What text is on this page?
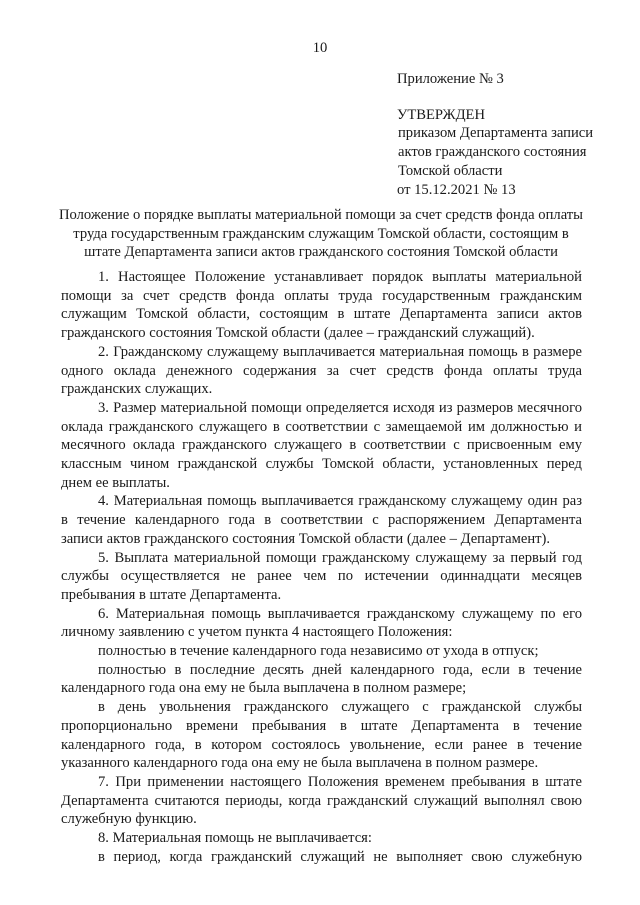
10

Приложение № 3

УТВЕРЖДЕН

приказом Департамента записи

актов гражданского состояния

Томской области

от 15.12.2021 № 13

Положение о порядке выплаты материальной помощи за счет средств фонда оплаты труда государственным гражданским служащим Томской области, состоящим в штате Департамента записи актов гражданского состояния Томской области

1. Настоящее Положение устанавливает порядок выплаты материальной помощи за счет средств фонда оплаты труда государственным гражданским служащим Томской области, состоящим в штате Департамента записи актов гражданского состояния Томской области (далее – гражданский служащий).

2. Гражданскому служащему выплачивается материальная помощь в размере одного оклада денежного содержания за счет средств фонда оплаты труда гражданских служащих.

3. Размер материальной помощи определяется исходя из размеров месячного оклада гражданского служащего в соответствии с замещаемой им должностью и месячного оклада гражданского служащего в соответствии с присвоенным ему классным чином гражданской службы Томской области, установленных перед днем ее выплаты.

4. Материальная помощь выплачивается гражданскому служащему один раз в течение календарного года в соответствии с распоряжением Департамента записи актов гражданского состояния Томской области (далее – Департамент).

5. Выплата материальной помощи гражданскому служащему за первый год службы осуществляется не ранее чем по истечении одиннадцати месяцев пребывания в штате Департамента.

6. Материальная помощь выплачивается гражданскому служащему по его личному заявлению с учетом пункта 4 настоящего Положения:

полностью в течение календарного года независимо от ухода в отпуск;

полностью в последние десять дней календарного года, если в течение календарного года она ему не была выплачена в полном размере;

в день увольнения гражданского служащего с гражданской службы пропорционально времени пребывания в штате Департамента в течение календарного года, в котором состоялось увольнение, если ранее в течение указанного календарного года она ему не была выплачена в полном размере.

7. При применении настоящего Положения временем пребывания в штате Департамента считаются периоды, когда гражданский служащий выполнял свою служебную функцию.

8. Материальная помощь не выплачивается:

в период, когда гражданский служащий не выполняет свою служебную
